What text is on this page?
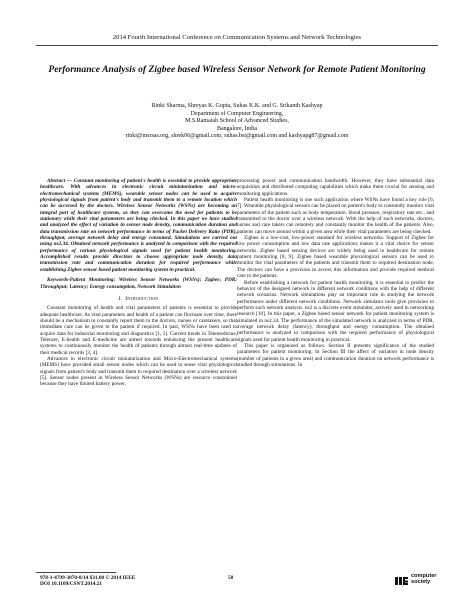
2014 Fourth International Conference on Communication Systems and Network Technologies
Performance Analysis of Zigbee based Wireless Sensor Network for Remote Patient Monitoring
Rinki Sharma, Shreyas K. Gupta, Suhas K.K. and G. Srikanth Kashyap
Department of Computer Engineering,
M.S.Ramaiah School of Advanced Studies,
Bangalore, India
rinki@msrsas.org, shrek06@gmail.com, suhas.bst@gmail.com and kashyapg87@gmail.com

Abstract — Constant monitoring of patient's health is essential to provide appropriate healthcare. With advances in electronic circuit miniaturization and micro-electromechanical systems (MEMS), wearable sensor nodes can be used to acquire physiological signals from patient's body and transmit them to a remote location which can be accessed by the doctors. Wireless Sensor Networks (WSNs) are becoming an integral part of healthcare systems, as they can overcome the need for patients to be stationary while their vital parameters are being checked. In this paper we have studied and analyzed the effect of variation in sensor node density, communication duration and data transmission rate on network performance in terms of Packet Delivery Ratio (PDR), throughput, average network delay and energy consumed. Simulations are carried out using ns2.34. Obtained network performance is analyzed in comparison with the required performance of various physiological signals used for patient health monitoring. Accomplished results provide direction to choose appropriate node density, data transmission rate and communication duration for required performance while establishing Zigbee sensor based patient monitoring system in practical.

Keywords-Patient Monitoring; Wireless Sensor Networks (WSNs); Zigbee; PDR; Throughput; Latency; Energy consumption, Network Simulation

I. Introduction

Constant monitoring of health and vital parameters of patients is essential to provide adequate healthcare. As vital parameters and health of a patient can fluctuate over time, there should be a mechanism to constantly report them to the doctors, nurses or caretakers, so that immediate care can be given to the patient if required. In past, WSNs have been used to acquire data for industrial monitoring and diagnostics [1, 2]. Current trends in Telemedicine, Telecare, E-health and E-medicine are aimed towards enhancing the present healthcare systems to continuously monitor the health of patients through almost real-time updates of their medical records [3, 4].

Advances in electronic circuit miniaturization and Micro-Electromechanical systems (MEMS) have provided small sensor nodes which can be used to sense vital physiological signals from patient's body and transmit them to required destination over a wireless network [5]. Sensor nodes present in Wireless Sensor Networks (WSNs) are resource constrained because they have limited battery power,

processing power and communication bandwidth. However, they have substantial data acquisition and distributed computing capabilities which make them crucial for sensing and monitoring applications.

Patient health monitoring is one such application where WSNs have found a key role [6, 7]. Wearable physiological sensors can be placed on patient's body to constantly monitor vital parameters of the patient such as body temperature, blood pressure, respiratory rate etc., and transmitted to the doctor over a wireless network. With the help of such networks, doctors, nurses and care takers can remotely and constantly monitor the health of the patients. Also, patients can move around within a given area while their vital parameters are being checked.

Zigbee is a low-cost, low-power standard for wireless networks. Support of Zigbee for low power consumption and low data rate applications makes it a vital choice for sensor networks. Zigbee based sensing devices are widely being used in healthcare for remote patient monitoring [8, 9]. Zigbee based wearable physiological sensors can be used to monitor the vital parameters of the patients and transmit them to required destination node. The doctors can have a provision to access this information and provide required medical care to the patients.

Before establishing a network for patient health monitoring, it is essential to predict the behavior of the designed network in different network conditions with the help of different network scenarios. Network simulations play an important role in studying the network performance under different network conditions. Network simulator tools give provision to perform such network analysis. ns2 is a discrete event simulator, actively used in networking research [10]. In this paper, a Zigbee based sensor network for patient monitoring system is simulated in ns2.34. The performance of the simulated network is analyzed in terms of PDR, average network delay (latency), throughput and energy consumption. The obtained performance is analyzed in comparison with the required performance of physiological signals used for patient health monitoring in practical.

This paper is organized as follows. Section II presents significance of the studied parameters for patient monitoring. In Section III the affect of variation in node density (number of patients in a given area) and communication duration on network performance is studied through simulations. In

978-1-4799-3070-8/14 $31.00 © 2014 IEEE
DOI 10.1109/CSNT.2014.21
58	computer
society
